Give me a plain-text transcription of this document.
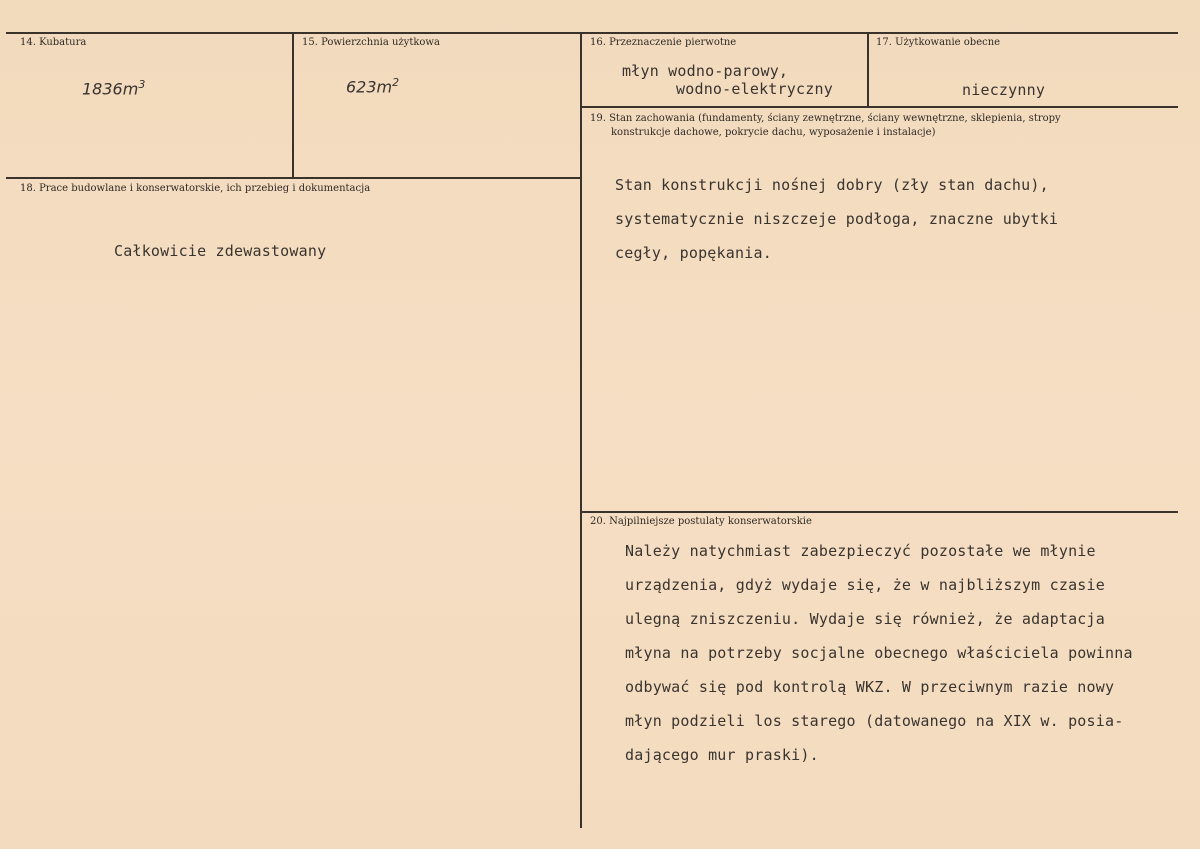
14. Kubatura
$1836m^3$
15. Powierzchnia użytkowa
$623m^2$
16. Przeznaczenie pierwotne
młyn wodno-parowy,
wodno-elektryczny
17. Użytkowanie obecne
nieczynny
18. Prace budowlane i konserwatorskie, ich przebieg i dokumentacja
Całkowicie zdewastowany
19. Stan zachowania (fundamenty, ściany zewnętrzne, ściany wewnętrzne, sklepienia, stropy
konstrukcje dachowe, pokrycie dachu, wyposażenie i instalacje)
Stan konstrukcji nośnej dobry (zły stan dachu),
systematycznie niszczeje podłoga, znaczne ubytki
cegły, popękania.
20. Najpilniejsze postulaty konserwatorskie
Należy natychmiast zabezpieczyć pozostałe we młynie
urządzenia, gdyż wydaje się, że w najbliższym czasie
ulegną zniszczeniu. Wydaje się również, że adaptacja
młyna na potrzeby socjalne obecnego właściciela powinna
odbywać się pod kontrolą WKZ. W przeciwnym razie nowy
młyn podzieli los starego (datowanego na XIX w. posia-
dającego mur praski).
